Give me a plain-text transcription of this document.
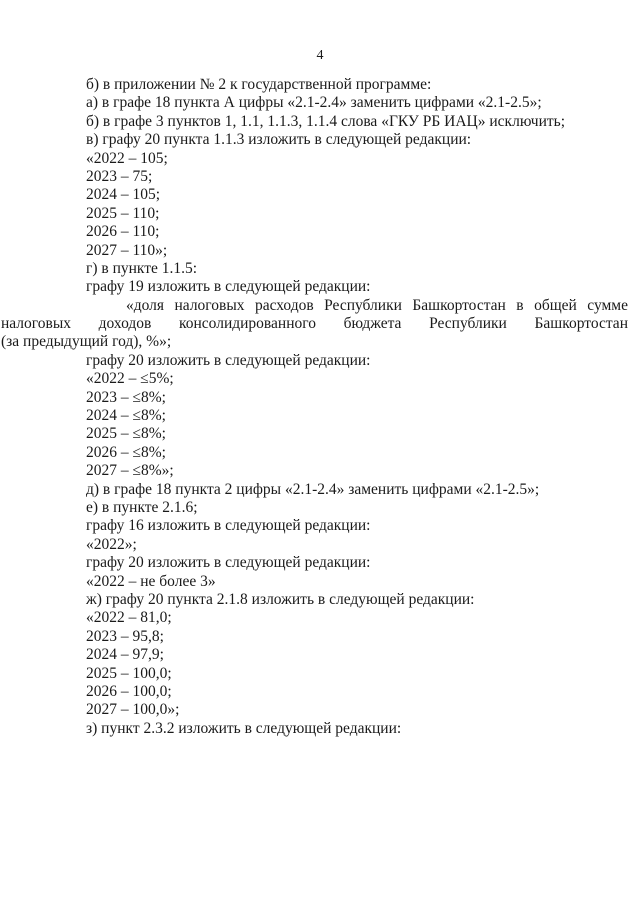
4
б) в приложении № 2 к государственной программе:
а) в графе 18 пункта А цифры «2.1-2.4» заменить цифрами «2.1-2.5»;
б) в графе 3 пунктов 1, 1.1, 1.1.3, 1.1.4 слова «ГКУ РБ ИАЦ» исключить;
в) графу 20 пункта 1.1.3 изложить в следующей редакции:
«2022 – 105;
2023 – 75;
2024 – 105;
2025 – 110;
2026 – 110;
2027 – 110»;
г) в пункте 1.1.5:
графу 19 изложить в следующей редакции:
«доля налоговых расходов Республики Башкортостан в общей сумме
налоговых доходов консолидированного бюджета Республики Башкортостан
(за предыдущий год), %»;
графу 20 изложить в следующей редакции:
«2022 – ≤5%;
2023 – ≤8%;
2024 – ≤8%;
2025 – ≤8%;
2026 – ≤8%;
2027 – ≤8%»;
д) в графе 18 пункта 2 цифры «2.1-2.4» заменить цифрами «2.1-2.5»;
е) в пункте 2.1.6;
графу 16 изложить в следующей редакции:
«2022»;
графу 20 изложить в следующей редакции:
«2022 – не более 3»
ж) графу 20 пункта 2.1.8 изложить в следующей редакции:
«2022 – 81,0;
2023 – 95,8;
2024 – 97,9;
2025 – 100,0;
2026 – 100,0;
2027 – 100,0»;
з) пункт 2.3.2 изложить в следующей редакции:
